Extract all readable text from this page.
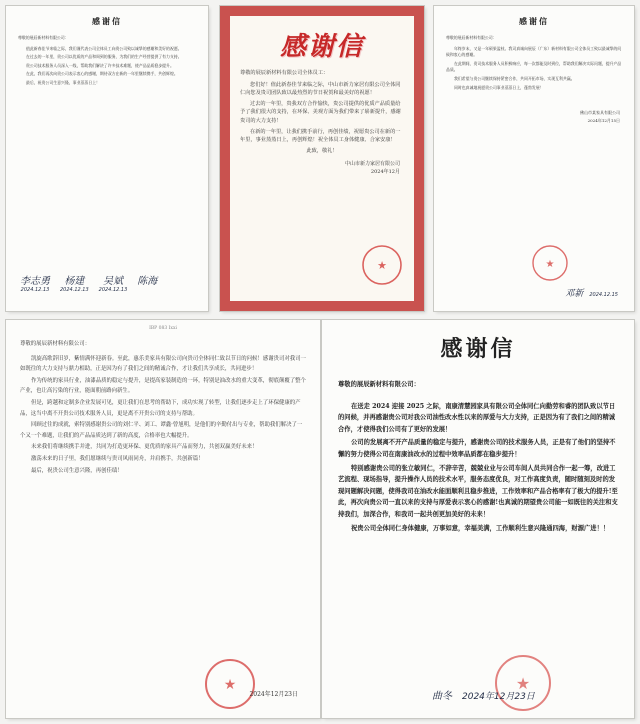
感谢信

尊敬的展辰新材料有限公司：

值此新春佳节来临之际，我们谨代表公司全体员工向贵公司致以诚挚的感谢和美好的祝愿。

在过去的一年里，贵公司以优质的产品和周到的服务，为我们的生产经营提供了有力支持。

贵公司技术服务人员深入一线，帮助我们解决了许多技术难题，使产品品质稳步提升。

在此，我们再次向贵公司表示衷心的感谢，期待双方在新的一年里继续携手，共创辉煌。

最后，祝贵公司生意兴隆，事业蒸蒸日上！

李志勇
2024.12.13
杨建
2024.12.13
吴斌
2024.12.13
陈海
感谢信

尊敬的展辰新材料有限公司全体员工：

您们好！值此新春佳节来临之际，中山市新力家居有限公司全体同仁向您及贵司团队致以最热烈的节日祝贺和最美好的祝愿！

过去的一年里，贵我双方合作愉快，贵公司提供的优质产品质量给予了我们很大的支持，在环保、美观方面为我们带来了崭新提升，感谢贵司的大力支持！

在新的一年里，让我们携手前行，再创佳绩，祝愿贵公司在新的一年里，事业蒸蒸日上，再创辉煌！祝全体员工身体健康、合家安康！

此致，敬礼！
中山市新力家居有限公司
2024年12月
★
感谢信

尊敬的展辰新材料有限公司：

年终岁末，又是一年硕果盈枝。我司真诚向展辰（广东）新材料有限公司全体员工致以最诚挚的问候和衷心的感谢。

在此期间，贵司技术服务人员积极响应，每一次都能及时到位，帮助我们解决实际问题，提升产品品质。

我们希望与贵公司继续保持紧密合作，共同开拓市场，实现互利共赢。

同时也真诚地祝愿贵公司事业蒸蒸日上，蓬勃发展！

佛山市某家具有限公司
2024年12月15日
★
邓新 2024.12.15
IBP 083 Ixxi

尊敬的展辰新材料有限公司：

凯旋高歌辞旧岁，紫情满怀迎新春。至此，惠乐美家具有限公司向贵司全体同仁致以节日的问候！感谢贵司对我司一如既往的大力支持与鼎力相助，正是因为有了我们之间的精诚合作，才让我们共享成长，共同进步！

作为传统的家具行业，油漆品质的稳定与提升，是提高家装制造的一环，特别是油改水的重大变革，彻底颠覆了整个产业，也让高污染的行业，能面朝前路向新生。

但是，跨越和定制多企业发展可见，更让我们在思考的帮助下，成功实现了转型，让我们逐步走上了环保健康的产品，这当中离不开贵公司技术服务人员，更是离不开贵公司的支持与帮助。

回顾过往的成就，索特别感谢贵公司的刘仁平、刘工、谭鑫·曾旭明，是他们的辛勤付出与专业，帮助我们解决了一个又一个难题，让我们的产品品质达到了新的高度，合格率也大幅提升。

未来我们将继续携手并进，共同为打造更环保、更优质的家具产品而努力，共创双赢美好未来！

激荡未来的日子里，我们愿继续与贵司风雨同舟，并肩携手，共创新篇！

最后，祝贵公司生意兴隆，再创佳绩！

★
2024年12月23日
感谢信

尊敬的展辰新材料有限公司：

在送走 2024 迎接 2025 之际，南康清慧园家具有限公司全体同仁向勤劳和睿的团队致以节日的问候，并再感谢贵公司对我公司油性改水性以来的厚爱与大力支持，正是因为有了我们之间的精诚合作，才使得我们公司有了更好的发展！

公司的发展离不开产品质量的稳定与提升，感谢贵公司的技术服务人员，正是有了他们的坚持不懈的努力使得公司在南康油改水的过程中效率品质都在稳步提升！

特别感谢贵公司的张立敏同仁，不辞辛苦，兢兢业业与公司车间人员共同合作一起一筹，改进工艺流程、现场指导，提升操作人员的技术水平，服务态度优良，对工作高度负责，随时随刻及时的发现问题解决问题，使得我司在油改水能面顺利且稳步推进，工作效率和产品合格率有了极大的提升!至此，再次向贵公司一直以来的支持与厚爱表示衷心的感谢!也真诚的期望贵公司能一如既往的关注和支持我们，加深合作，和我司一起共创更加美好的未来！

祝贵公司全体同仁身体健康，万事如意，幸福美满，工作顺利生意兴隆通四海，财源广进！！

★
曲冬 2024年12月23日
